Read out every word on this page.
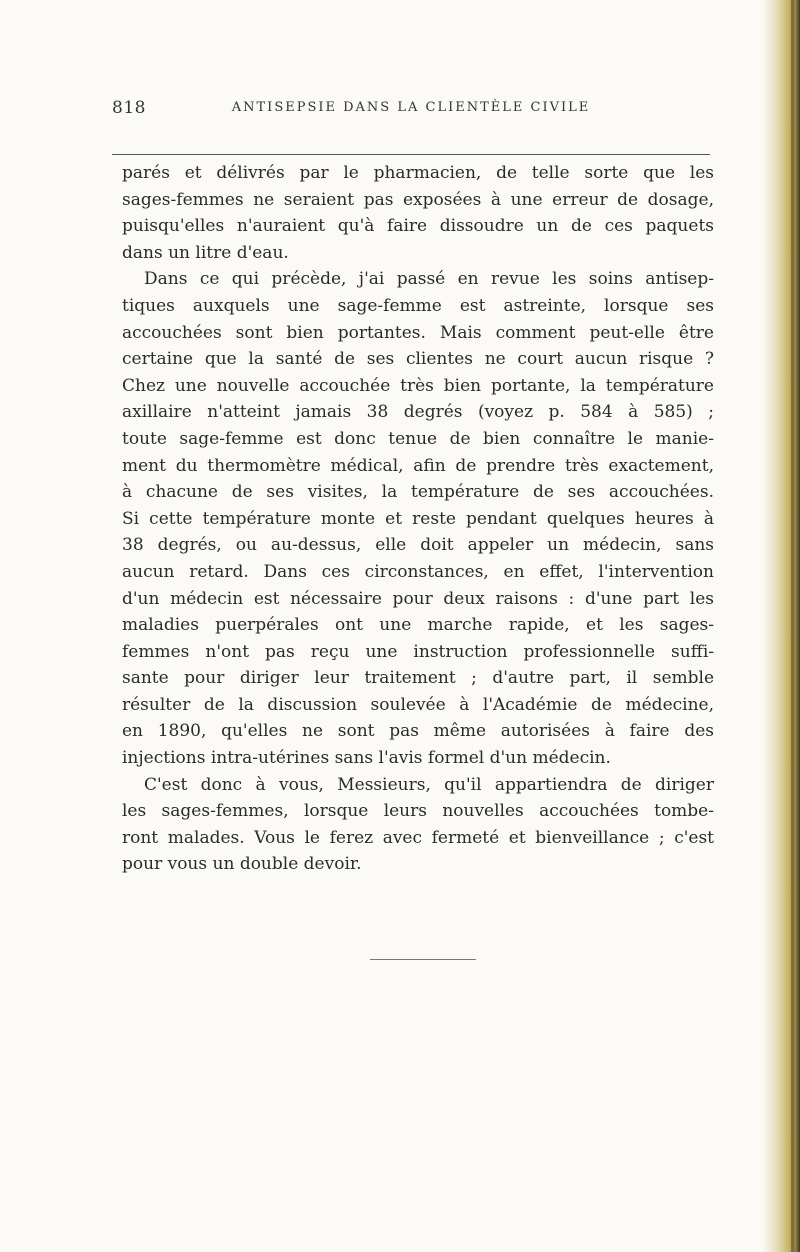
818	ANTISEPSIE DANS LA CLIENTÈLE CIVILE
parés et délivrés par le pharmacien, de telle sorte que les
sages-femmes ne seraient pas exposées à une erreur de dosage,
puisqu'elles n'auraient qu'à faire dissoudre un de ces paquets
dans un litre d'eau.
Dans ce qui précède, j'ai passé en revue les soins antisep-
tiques auxquels une sage-femme est astreinte, lorsque ses
accouchées sont bien portantes. Mais comment peut-elle être
certaine que la santé de ses clientes ne court aucun risque ?
Chez une nouvelle accouchée très bien portante, la température
axillaire n'atteint jamais 38 degrés (voyez p. 584 à 585) ;
toute sage-femme est donc tenue de bien connaître le manie-
ment du thermomètre médical, afin de prendre très exactement,
à chacune de ses visites, la température de ses accouchées.
Si cette température monte et reste pendant quelques heures à
38 degrés, ou au-dessus, elle doit appeler un médecin, sans
aucun retard. Dans ces circonstances, en effet, l'intervention
d'un médecin est nécessaire pour deux raisons : d'une part les
maladies puerpérales ont une marche rapide, et les sages-
femmes n'ont pas reçu une instruction professionnelle suffi-
sante pour diriger leur traitement ; d'autre part, il semble
résulter de la discussion soulevée à l'Académie de médecine,
en 1890, qu'elles ne sont pas même autorisées à faire des
injections intra-utérines sans l'avis formel d'un médecin.
C'est donc à vous, Messieurs, qu'il appartiendra de diriger
les sages-femmes, lorsque leurs nouvelles accouchées tombe-
ront malades. Vous le ferez avec fermeté et bienveillance ; c'est
pour vous un double devoir.
